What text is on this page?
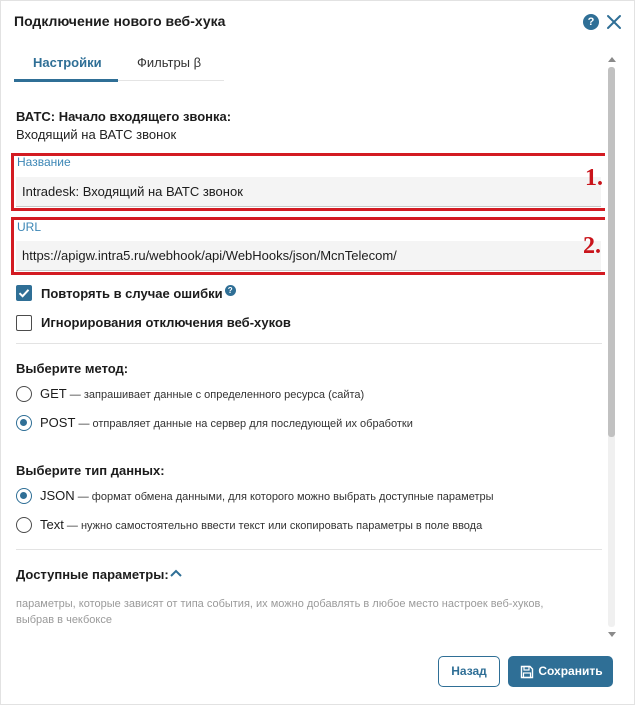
Подключение нового веб-хука	?
Настройки	Фильтры β
ВАТС: Начало входящего звонка:
Входящий на ВАТС звонок
Название
Intradesk: Входящий на ВАТС звонок
1.
URL
https://apigw.intra5.ru/webhook/api/WebHooks/json/McnTelecom/	2.
Повторять в случае ошибки ?
Игнорирования отключения веб-хуков
Выберите метод:
GET — запрашивает данные с определенного ресурса (сайта)
POST — отправляет данные на сервер для последующей их обработки
Выберите тип данных:
JSON — формат обмена данными, для которого можно выбрать доступные параметры
Text — нужно самостоятельно ввести текст или скопировать параметры в поле ввода
Доступные параметры:
параметры, которые зависят от типа события, их можно добавлять в любое место настроек веб-хуков,
выбрав в чекбоксе
Назад	Сохранить
